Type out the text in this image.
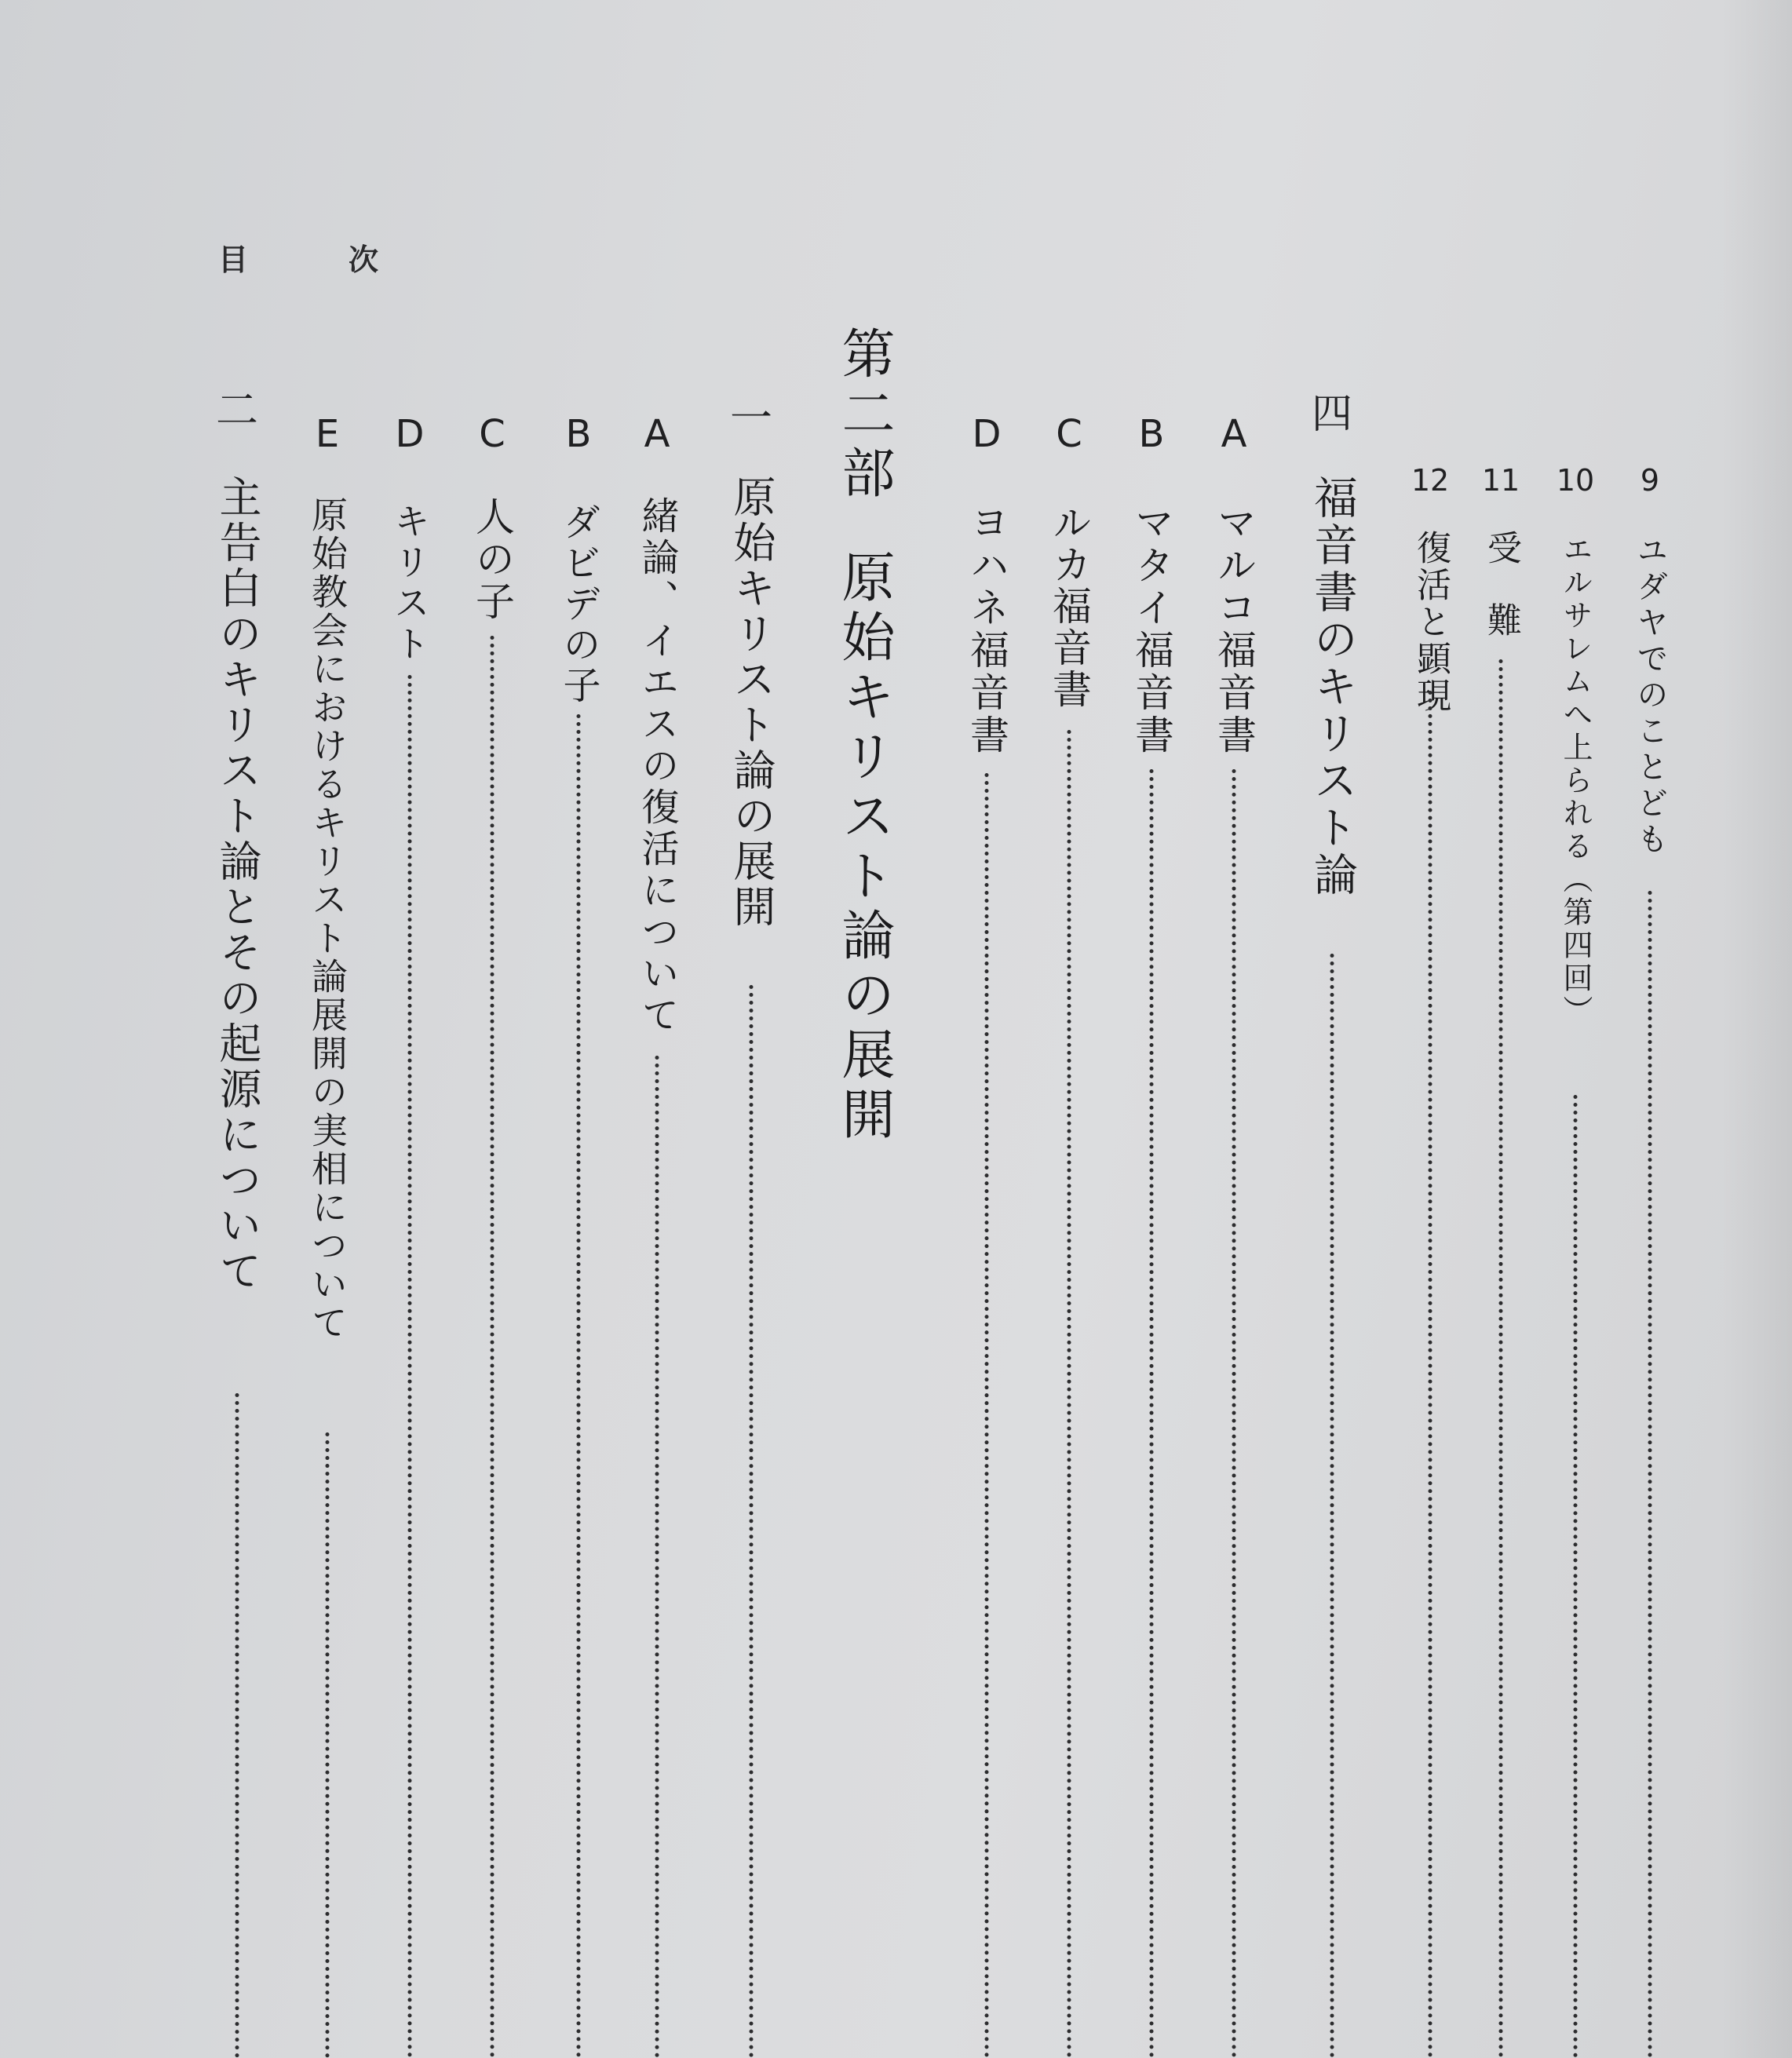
目	次
9
ユダヤでのことども
10
エルサレムへ上られる（第四回）
11
受　難
12
復活と顕現
四
福音書のキリスト論
A
マルコ福音書
B
マタイ福音書
C
ルカ福音書
D
ヨハネ福音書
第二部
原始キリスト論の展開
一
原始キリスト論の展開
A
緒論、イエスの復活について
B
ダビデの子
C
人の子
D
キリスト
E
原始教会におけるキリスト論展開の実相について
二
主告白のキリスト論とその起源について
